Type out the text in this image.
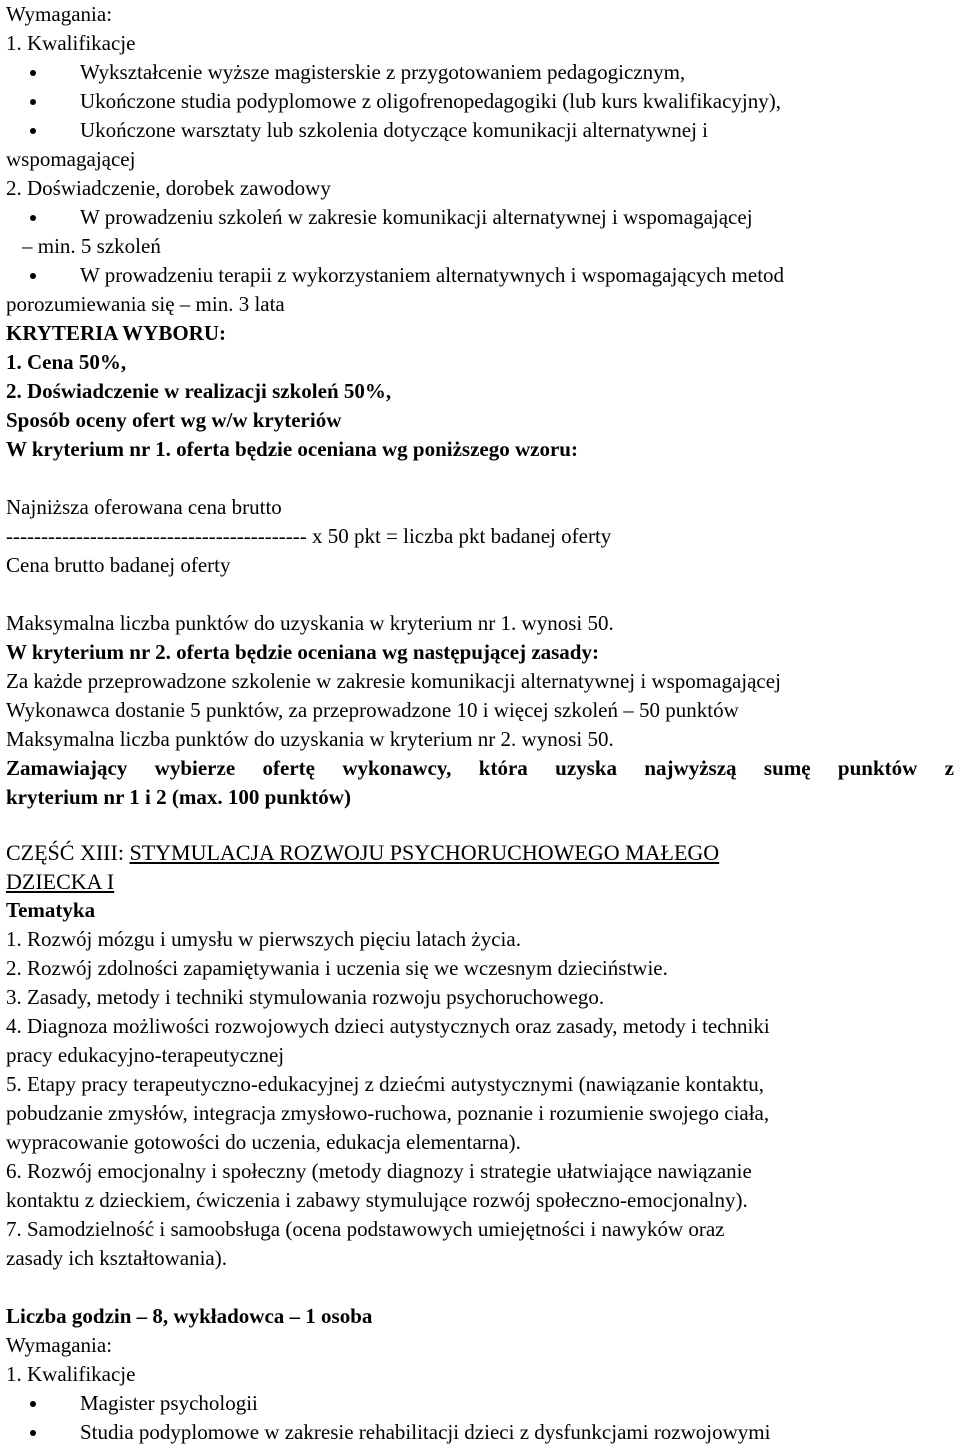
Wymagania:
1. Kwalifikacje
Wykształcenie wyższe magisterskie z przygotowaniem pedagogicznym,
Ukończone studia podyplomowe z oligofrenopedagogiki (lub kurs kwalifikacyjny),
Ukończone warsztaty lub szkolenia dotyczące komunikacji alternatywnej i
wspomagającej
2. Doświadczenie, dorobek zawodowy
W prowadzeniu szkoleń w zakresie komunikacji alternatywnej i wspomagającej
– min. 5 szkoleń
W prowadzeniu terapii z wykorzystaniem alternatywnych i wspomagających metod
porozumiewania się – min. 3 lata
KRYTERIA WYBORU:
1. Cena 50%,
2. Doświadczenie w realizacji szkoleń 50%,
Sposób oceny ofert wg w/w kryteriów
W kryterium nr 1. oferta będzie oceniana wg poniższego wzoru:
Najniższa oferowana cena brutto
------------------------------------------- x 50 pkt = liczba pkt badanej oferty
Cena brutto badanej oferty
Maksymalna liczba punktów do uzyskania w kryterium nr 1. wynosi 50.
W kryterium nr 2. oferta będzie oceniana wg następującej zasady:
Za każde przeprowadzone szkolenie w zakresie komunikacji alternatywnej i wspomagającej
Wykonawca dostanie 5 punktów, za przeprowadzone 10 i więcej szkoleń – 50 punktów
Maksymalna liczba punktów do uzyskania w kryterium nr 2. wynosi 50.
Zamawiający wybierze ofertę wykonawcy, która uzyska najwyższą sumę punktów z
kryterium nr 1 i 2 (max. 100 punktów)
CZĘŚĆ XIII: STYMULACJA ROZWOJU PSYCHORUCHOWEGO MAŁEGO
DZIECKA I
Tematyka
1. Rozwój mózgu i umysłu w pierwszych pięciu latach życia.
2. Rozwój zdolności zapamiętywania i uczenia się we wczesnym dzieciństwie.
3. Zasady, metody i techniki stymulowania rozwoju psychoruchowego.
4. Diagnoza możliwości rozwojowych dzieci autystycznych oraz zasady, metody i techniki
pracy edukacyjno-terapeutycznej
5. Etapy pracy terapeutyczno-edukacyjnej z dziećmi autystycznymi (nawiązanie kontaktu,
pobudzanie zmysłów, integracja zmysłowo-ruchowa, poznanie i rozumienie swojego ciała,
wypracowanie gotowości do uczenia, edukacja elementarna).
6. Rozwój emocjonalny i społeczny (metody diagnozy i strategie ułatwiające nawiązanie
kontaktu z dzieckiem, ćwiczenia i zabawy stymulujące rozwój społeczno-emocjonalny).
7. Samodzielność i samoobsługa (ocena podstawowych umiejętności i nawyków oraz
zasady ich kształtowania).
Liczba godzin – 8, wykładowca – 1 osoba
Wymagania:
1. Kwalifikacje
Magister psychologii
Studia podyplomowe w zakresie rehabilitacji dzieci z dysfunkcjami rozwojowymi
